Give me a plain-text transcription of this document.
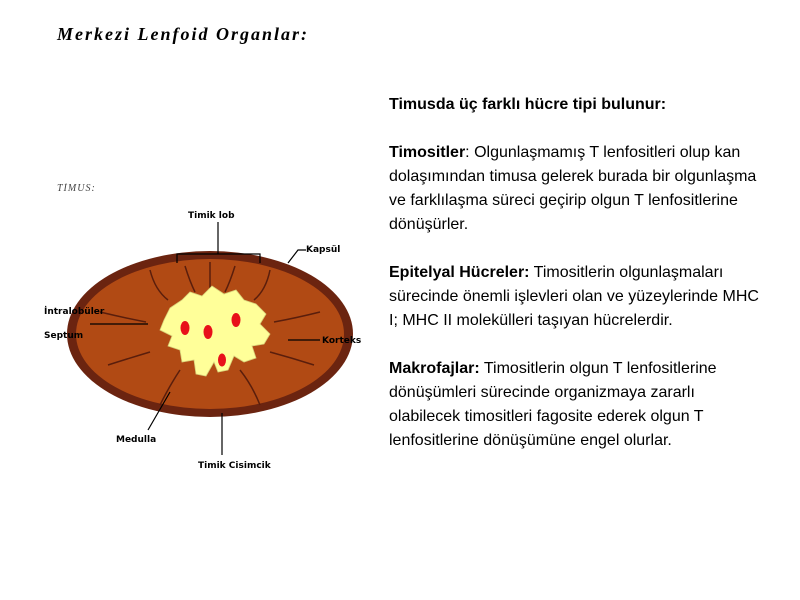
Merkezi Lenfoid Organlar:
TİMUS:
Timik lob
Kapsül
İntralobüler
Septum	Korteks
Medulla
Timik Cisimcik

Timusda üç farklı hücre tipi bulunur:

Timositler: Olgunlaşmamış T lenfositleri olup kan dolaşımından timusa gelerek burada bir olgunlaşma ve farklılaşma süreci geçirip olgun T lenfositlerine dönüşürler.

Epitelyal Hücreler: Timositlerin olgunlaşmaları sürecinde önemli işlevleri olan ve yüzeylerinde MHC I; MHC II molekülleri taşıyan hücrelerdir.

Makrofajlar: Timositlerin olgun T lenfositlerine dönüşümleri sürecinde organizmaya zararlı olabilecek timositleri fagosite ederek olgun T lenfositlerine dönüşümüne engel olurlar.
